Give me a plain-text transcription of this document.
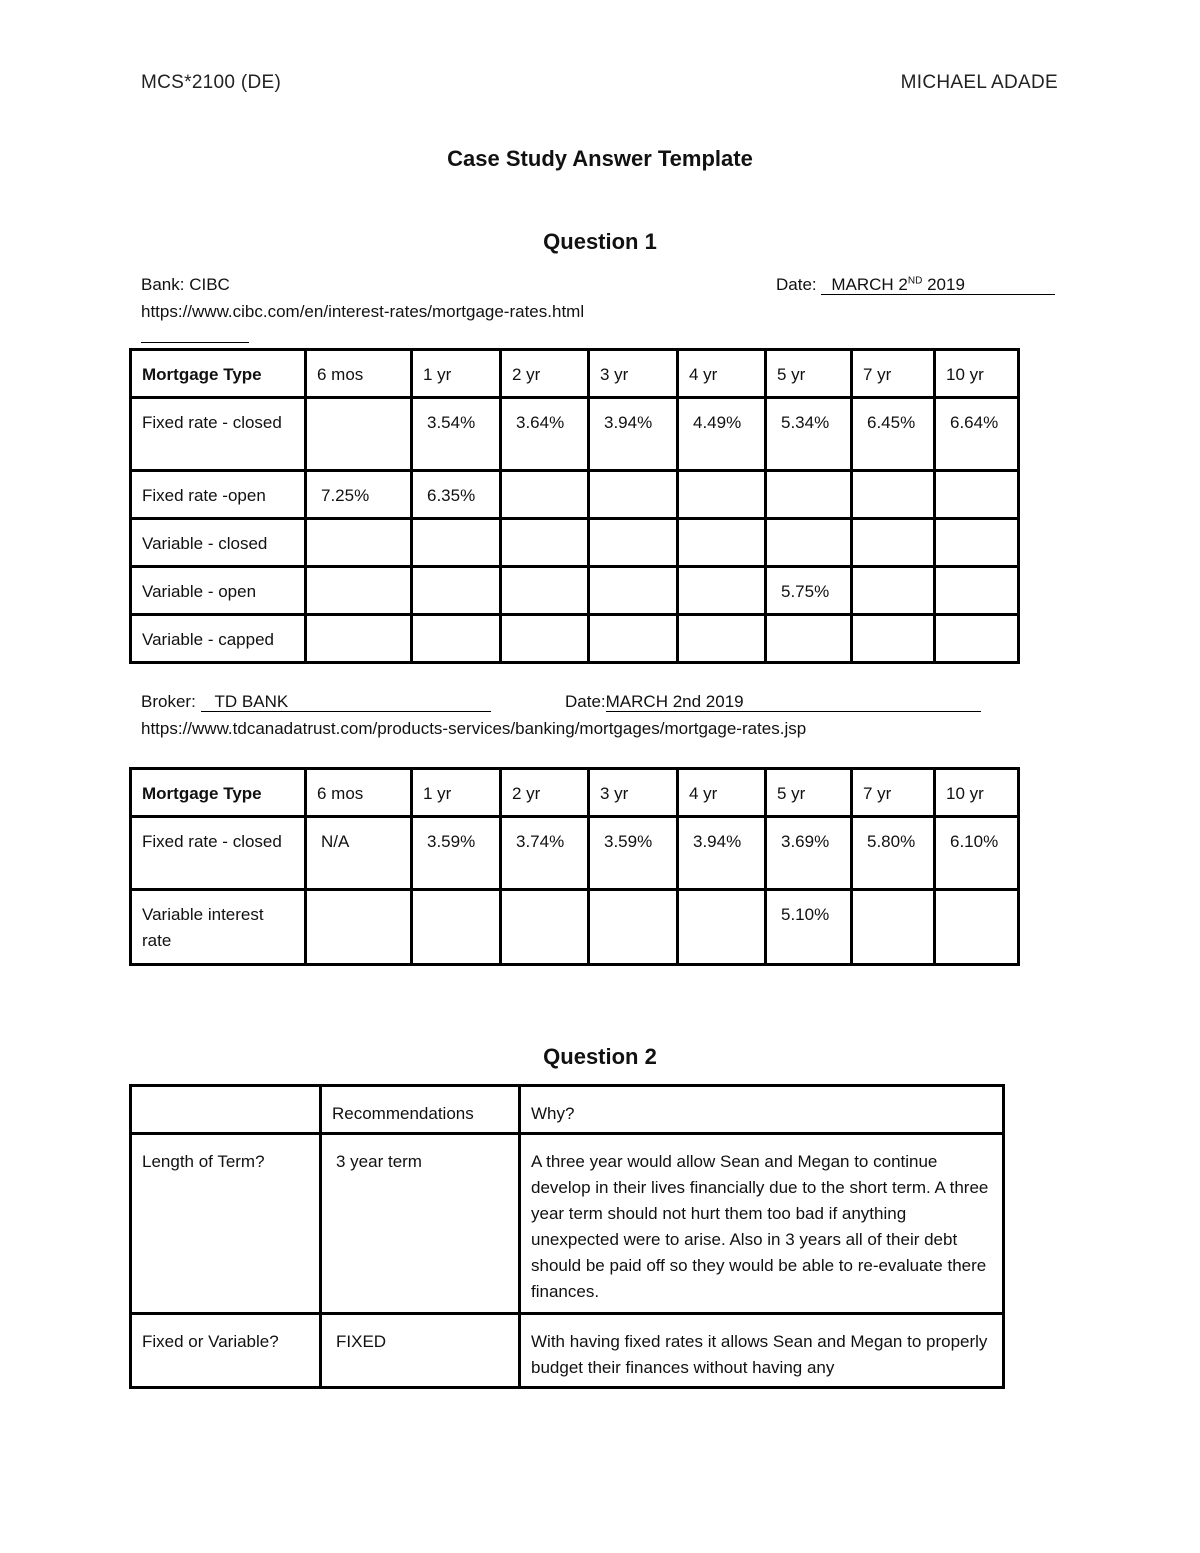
MCS*2100 (DE)	MICHAEL ADADE
Case Study Answer Template
Question 1
Bank: CIBC	Date: MARCH 2ND 2019
https://www.cibc.com/en/interest-rates/mortgage-rates.html
Mortgage Type	6 mos	1 yr	2 yr	3 yr	4 yr	5 yr	7 yr	10 yr
Fixed rate - closed		3.54%	3.64%	3.94%	4.49%	5.34%	6.45%	6.64%
Fixed rate -open	7.25%	6.35%						
Variable - closed								
Variable - open						5.75%		
Variable - capped								
Broker: TD BANK	Date:MARCH 2nd 2019
https://www.tdcanadatrust.com/products-services/banking/mortgages/mortgage-rates.jsp
Mortgage Type	6 mos	1 yr	2 yr	3 yr	4 yr	5 yr	7 yr	10 yr
Fixed rate - closed	N/A	3.59%	3.74%	3.59%	3.94%	3.69%	5.80%	6.10%
Variable interest rate						5.10%		
Question 2
	Recommendations	Why?
Length of Term?	3 year term	A three year would allow Sean and Megan to continue develop in their lives financially due to the short term. A three year term should not hurt them too bad if anything unexpected were to arise. Also in 3 years all of their debt should be paid off so they would be able to re-evaluate there finances.
Fixed or Variable?	FIXED	With having fixed rates it allows Sean and Megan to properly budget their finances without having any
